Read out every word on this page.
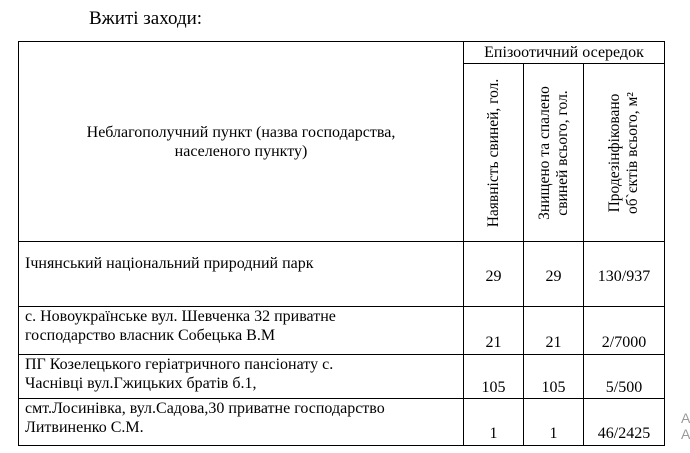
Вжиті заходи:
Неблагополучний пункт (назва господарства, населеного пункту)	Епізоотичний осередок		

	Наявність свиней, гол.	Знищено та спалено свиней всього, гол.	Продезінфіковано об`єктів всього, м²

Ічнянський національний природний парк	29	29	130/937

с. Новоукраїнське вул. Шевченка 32 приватне
господарство власник Собецька В.М	21	21	2/7000

ПГ Козелецького геріатричного пансіонату с.
Часнівці вул.Гжицьких братів б.1,	105	105	5/500

смт.Лосинівка, вул.Садова,30 приватне господарство
Литвиненко С.М.	1	1	46/2425
А
А
